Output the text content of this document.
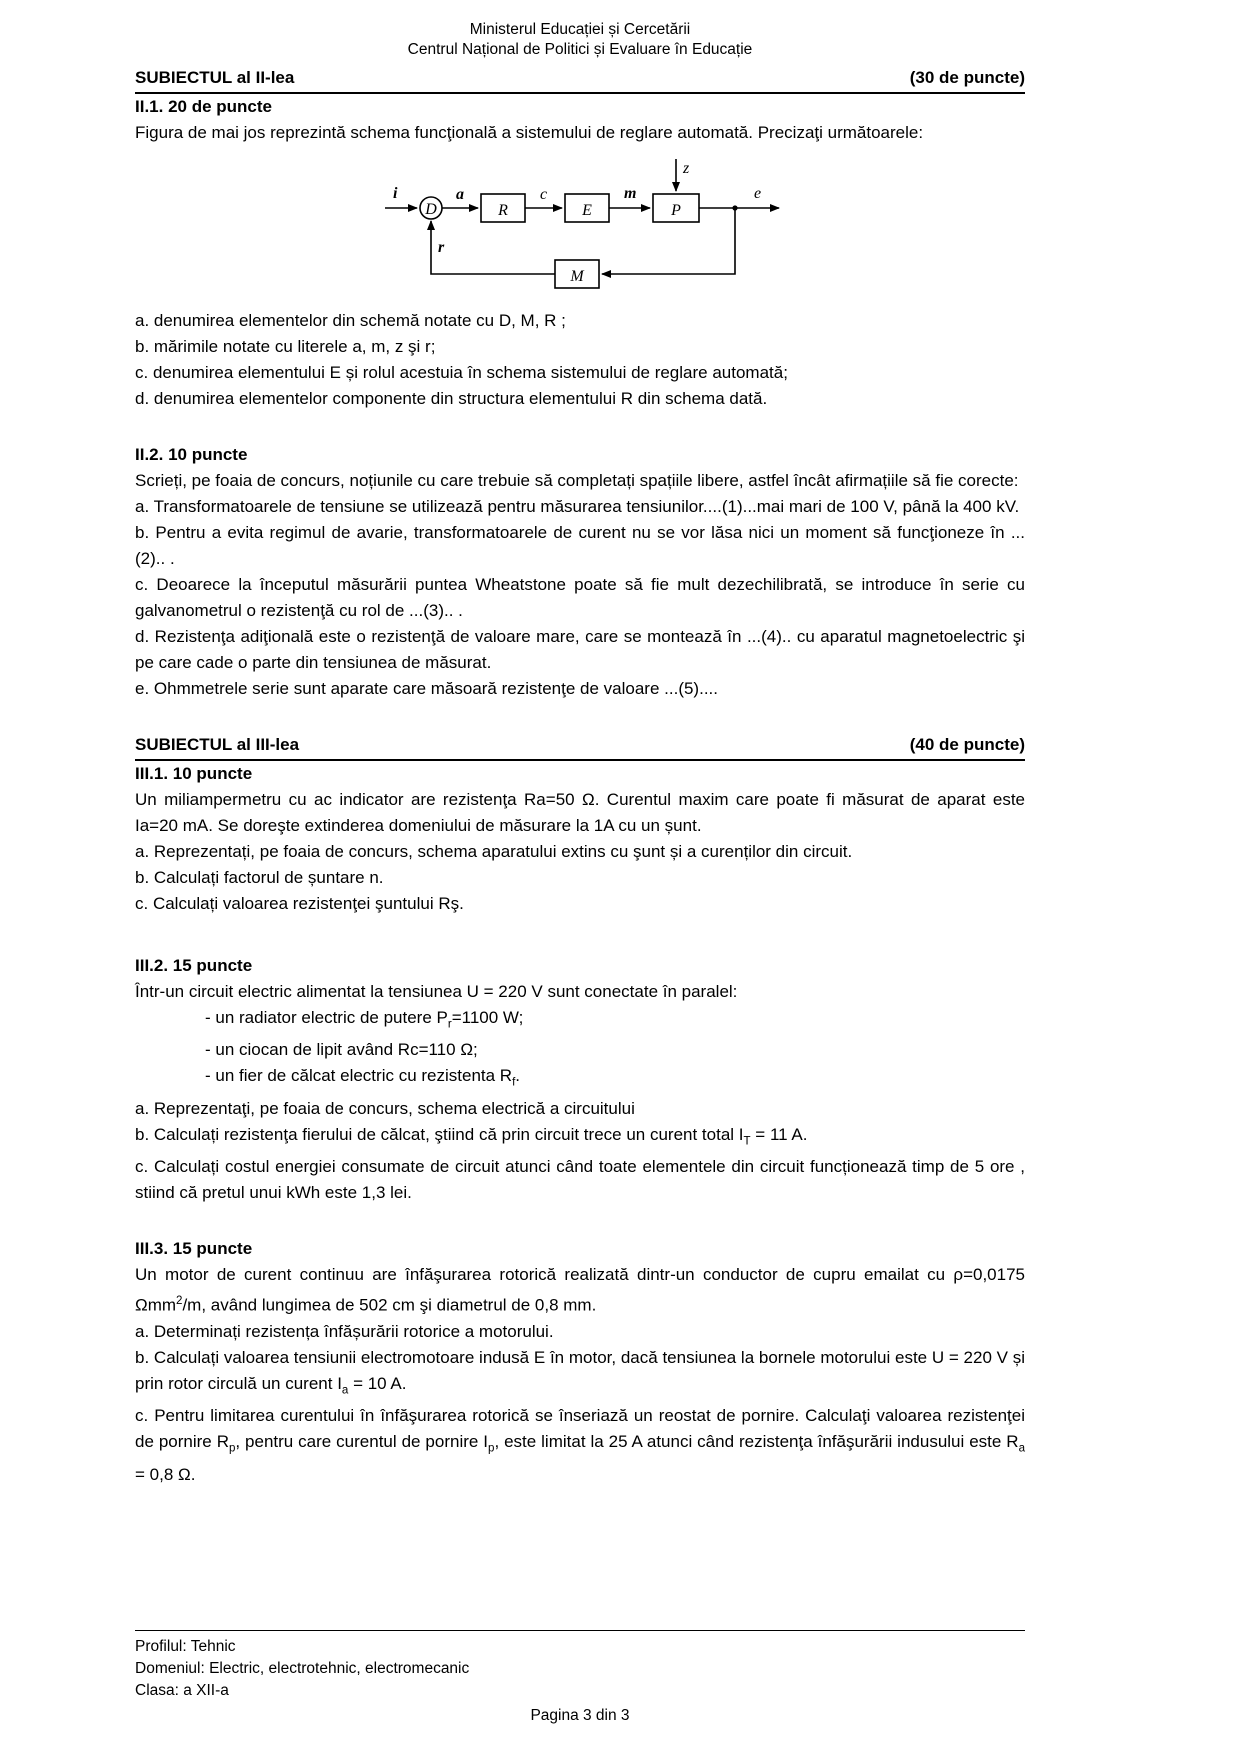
Ministerul Educației și Cercetării
Centrul Național de Politici și Evaluare în Educație
SUBIECTUL al II-lea	(30 de puncte)
II.1. 20 de puncte

Figura de mai jos reprezintă schema funcţională a sistemului de reglare automată. Precizaţi următoarele:

i
D
a
R
c
E
m
P
z
e
r
M

a. denumirea elementelor din schemă notate cu D, M, R ;

b. mărimile notate cu literele a, m, z şi r;

c. denumirea elementului E și rolul acestuia în schema sistemului de reglare automată;

d. denumirea elementelor componente din structura elementului R din schema dată.

II.2. 10 puncte

Scrieți, pe foaia de concurs, noțiunile cu care trebuie să completați spațiile libere, astfel încât afirmațiile să fie corecte:

a. Transformatoarele de tensiune se utilizează pentru măsurarea tensiunilor....(1)...mai mari de 100 V, până la 400 kV.

b. Pentru a evita regimul de avarie, transformatoarele de curent nu se vor lăsa nici un moment să funcţioneze în ...(2).. .

c. Deoarece la începutul măsurării puntea Wheatstone poate să fie mult dezechilibrată, se introduce în serie cu galvanometrul o rezistenţă cu rol de ...(3).. .

d. Rezistenţa adiţională este o rezistenţă de valoare mare, care se montează în ...(4).. cu aparatul magnetoelectric şi pe care cade o parte din tensiunea de măsurat.

e. Ohmmetrele serie sunt aparate care măsoară rezistenţe de valoare ...(5)....

SUBIECTUL al III-lea	(40 de puncte)
III.1. 10 puncte

Un miliampermetru cu ac indicator are rezistenţa Ra=50 Ω. Curentul maxim care poate fi măsurat de aparat este Ia=20 mA. Se doreşte extinderea domeniului de măsurare la 1A cu un șunt.

a. Reprezentați, pe foaia de concurs, schema aparatului extins cu şunt și a curenților din circuit.

b. Calculați factorul de șuntare n.

c. Calculați valoarea rezistenţei şuntului Rş.

III.2. 15 puncte

Într-un circuit electric alimentat la tensiunea U = 220 V sunt conectate în paralel:

- un radiator electric de putere $P_r=1100$ W;

- un ciocan de lipit având Rc=110 Ω;

- un fier de călcat electric cu rezistenta $R_f$.

a. Reprezentaţi, pe foaia de concurs, schema electrică a circuitului

b. Calculați rezistenţa fierului de călcat, ştiind că prin circuit trece un curent total $I_T = 11$ A.

c. Calculați costul energiei consumate de circuit atunci când toate elementele din circuit funcționează timp de 5 ore , stiind că pretul unui kWh este 1,3 lei.

III.3. 15 puncte

Un motor de curent continuu are înfăşurarea rotorică realizată dintr-un conductor de cupru emailat cu ρ=0,0175 Ωmm$^2$/m, având lungimea de 502 cm şi diametrul de 0,8 mm.

a. Determinați rezistența înfășurării rotorice a motorului.

b. Calculați valoarea tensiunii electromotoare indusă E în motor, dacă tensiunea la bornele motorului este U = 220 V și prin rotor circulă un curent $I_a = 10$ A.

c. Pentru limitarea curentului în înfăşurarea rotorică se înseriază un reostat de pornire. Calculaţi valoarea rezistenţei de pornire $R_p$, pentru care curentul de pornire $I_p$, este limitat la 25 A atunci când rezistenţa înfăşurării indusului este $R_a = 0,8$ Ω.

Profilul: Tehnic
Domeniul: Electric, electrotehnic, electromecanic
Clasa: a XII-a
Pagina 3 din 3
